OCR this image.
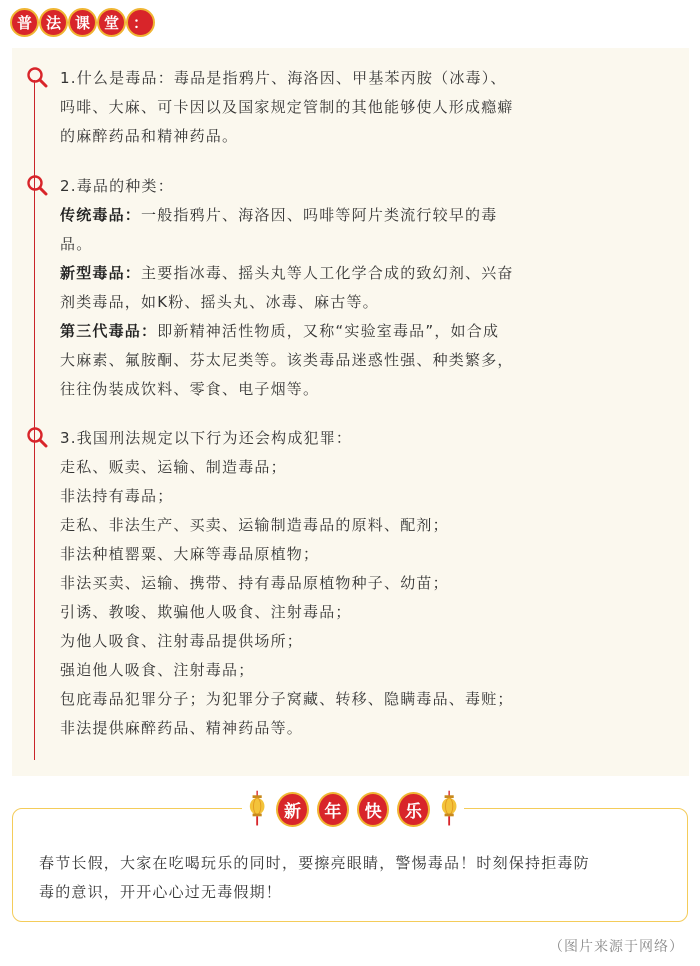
普 法 课 堂 ：

1.什么是毒品：毒品是指鸦片、海洛因、甲基苯丙胺（冰毒）、

吗啡、大麻、可卡因以及国家规定管制的其他能够使人形成瘾癖

的麻醉药品和精神药品。

2.毒品的种类：

传统毒品：一般指鸦片、海洛因、吗啡等阿片类流行较早的毒

品。

新型毒品：主要指冰毒、摇头丸等人工化学合成的致幻剂、兴奋

剂类毒品，如K粉、摇头丸、冰毒、麻古等。

第三代毒品：即新精神活性物质，又称“实验室毒品”，如合成

大麻素、氟胺酮、芬太尼类等。该类毒品迷惑性强、种类繁多，

往往伪装成饮料、零食、电子烟等。

3.我国刑法规定以下行为还会构成犯罪：

走私、贩卖、运输、制造毒品；

非法持有毒品；

走私、非法生产、买卖、运输制造毒品的原料、配剂；

非法种植罂粟、大麻等毒品原植物；

非法买卖、运输、携带、持有毒品原植物种子、幼苗；

引诱、教唆、欺骗他人吸食、注射毒品；

为他人吸食、注射毒品提供场所；

强迫他人吸食、注射毒品；

包庇毒品犯罪分子；为犯罪分子窝藏、转移、隐瞒毒品、毒赃；

非法提供麻醉药品、精神药品等。

春节长假，大家在吃喝玩乐的同时，要擦亮眼睛，警惕毒品！时刻保持拒毒防
毒的意识，开开心心过无毒假期！
新	年	快	乐
（图片来源于网络）
